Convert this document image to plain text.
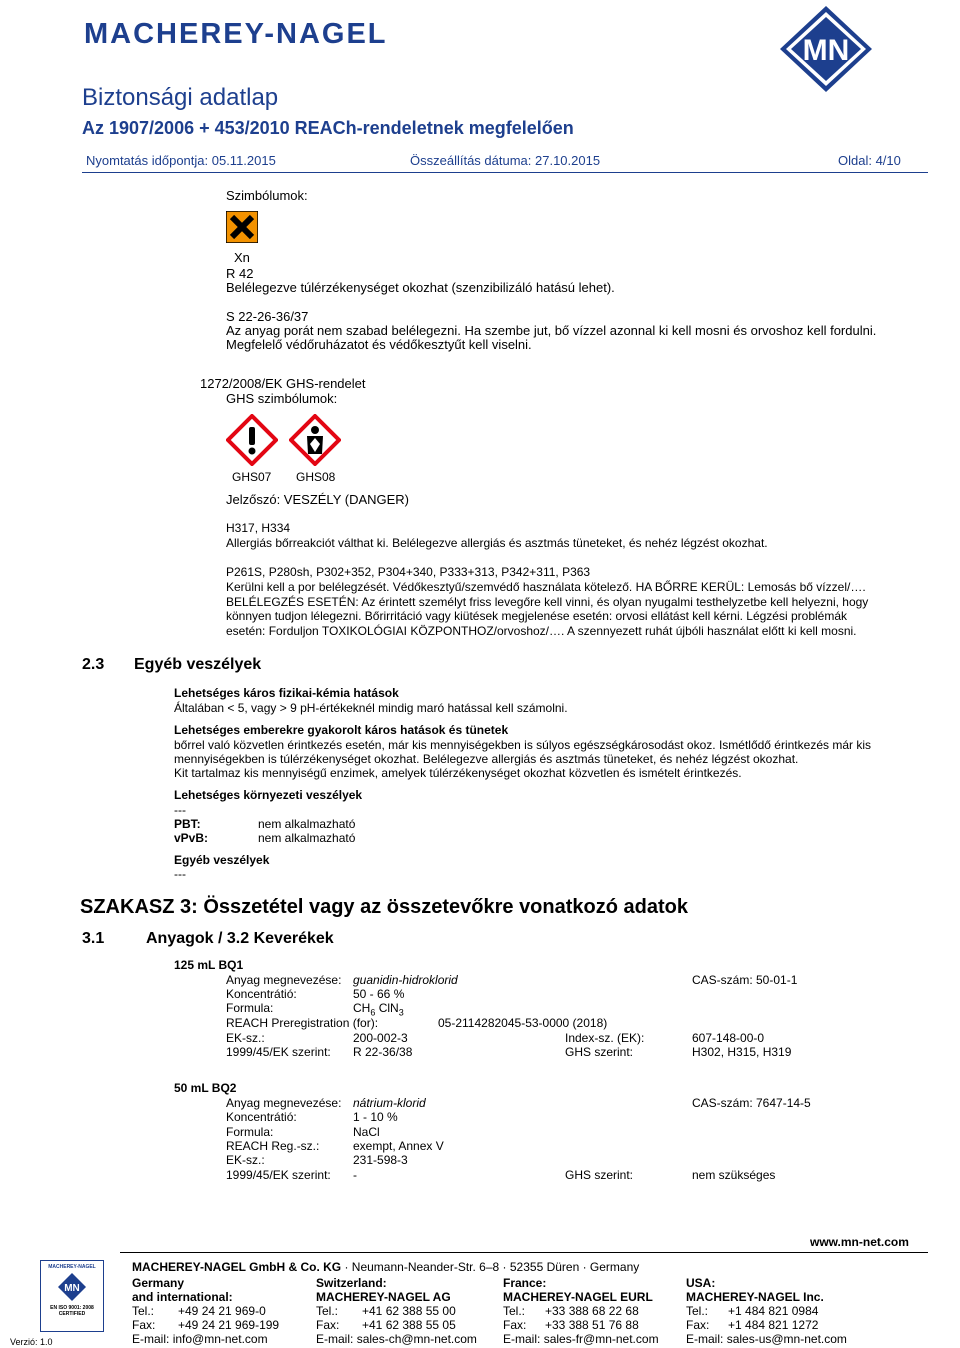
MACHEREY-NAGEL	MN
Biztonsági adatlap
Az 1907/2006 + 453/2010 REACh-rendeletnek megfelelően
Nyomtatás időpontja: 05.11.2015	Összeállítás dátuma: 27.10.2015	Oldal: 4/10
Szimbólumok:
Xn
R 42
Belélegezve túlérzékenységet okozhat (szenzibilizáló hatású lehet).
S 22-26-36/37
Az anyag porát nem szabad belélegezni. Ha szembe jut, bő vízzel azonnal ki kell mosni és orvoshoz kell fordulni.
Megfelelő védőruházatot és védőkesztyűt kell viselni.
1272/2008/EK GHS-rendelet
GHS szimbólumok:
GHS07 GHS08
Jelzőszó: VESZÉLY (DANGER)
H317, H334
Allergiás bőrreakciót válthat ki. Belélegezve allergiás és asztmás tüneteket, és nehéz légzést okozhat.
P261S, P280sh, P302+352, P304+340, P333+313, P342+311, P363
Kerülni kell a por belélegzését. Védőkesztyű/szemvédő használata kötelező. HA BŐRRE KERÜL: Lemosás bő vízzel/….
BELÉLEGZÉS ESETÉN: Az érintett személyt friss levegőre kell vinni, és olyan nyugalmi testhelyzetbe kell helyezni, hogy
könnyen tudjon lélegezni. Bőrirritáció vagy kiütések megjelenése esetén: orvosi ellátást kell kérni. Légzési problémák
esetén: Forduljon TOXIKOLÓGIAI KÖZPONTHOZ/orvoshoz/…. A szennyezett ruhát újbóli használat előtt ki kell mosni.
2.3 Egyéb veszélyek
Lehetséges káros fizikai-kémia hatások
Általában < 5, vagy > 9 pH-értékeknél mindig maró hatással kell számolni.
Lehetséges emberekre gyakorolt káros hatások és tünetek
bőrrel való közvetlen érintkezés esetén, már kis mennyiségekben is súlyos egészségkárosodást okoz. Ismétlődő érintkezés már kis
mennyiségekben is túlérzékenységet okozhat. Belélegezve allergiás és asztmás tüneteket, és nehéz légzést okozhat.
Kit tartalmaz kis mennyiségű enzimek, amelyek túlérzékenységet okozhat közvetlen és ismételt érintkezés.
Lehetséges környezeti veszélyek
---
PBT:	nem alkalmazható
vPvB:	nem alkalmazható
Egyéb veszélyek
---
SZAKASZ 3: Összetétel vagy az összetevőkre vonatkozó adatok
3.1	Anyagok / 3.2 Keverékek
125 mL BQ1
Anyag megnevezése: guanidin-hidroklorid	CAS-szám: 50-01-1
Koncentrátió:	50 - 66 %
Formula:	$CH_6$ ClN$_3$
REACH Preregistration (for):	05-2114282045-53-0000 (2018)
EK-sz.:	200-002-3	Index-sz. (EK):	607-148-00-0
1999/45/EK szerint: R 22-36/38	GHS szerint:	H302, H315, H319
50 mL BQ2
Anyag megnevezése: nátrium-klorid	CAS-szám: 7647-14-5
Koncentrátió:	1 - 10 %
Formula:	NaCl
REACH Reg.-sz.:	exempt, Annex V
EK-sz.:	231-598-3
1999/45/EK szerint: -	GHS szerint:	nem szükséges
www.mn-net.com
MACHEREY-NAGEL GmbH & Co. KG · Neumann-Neander-Str. 6–8 · 52355 Düren · Germany
MACHEREY-NAGEL
MN
EN ISO 9001: 2008
CERTIFIED
Verzió: 1.0
Germany
and international:
Tel.: +49 24 21 969-0
Fax: +49 24 21 969-199
E-mail: info@mn-net.com
Switzerland:
MACHEREY-NAGEL AG
Tel.: +41 62 388 55 00
Fax: +41 62 388 55 05
E-mail: sales-ch@mn-net.com
France:
MACHEREY-NAGEL EURL
Tel.: +33 388 68 22 68
Fax: +33 388 51 76 88
E-mail: sales-fr@mn-net.com
USA:
MACHEREY-NAGEL Inc.
Tel.: +1 484 821 0984
Fax: +1 484 821 1272
E-mail: sales-us@mn-net.com
